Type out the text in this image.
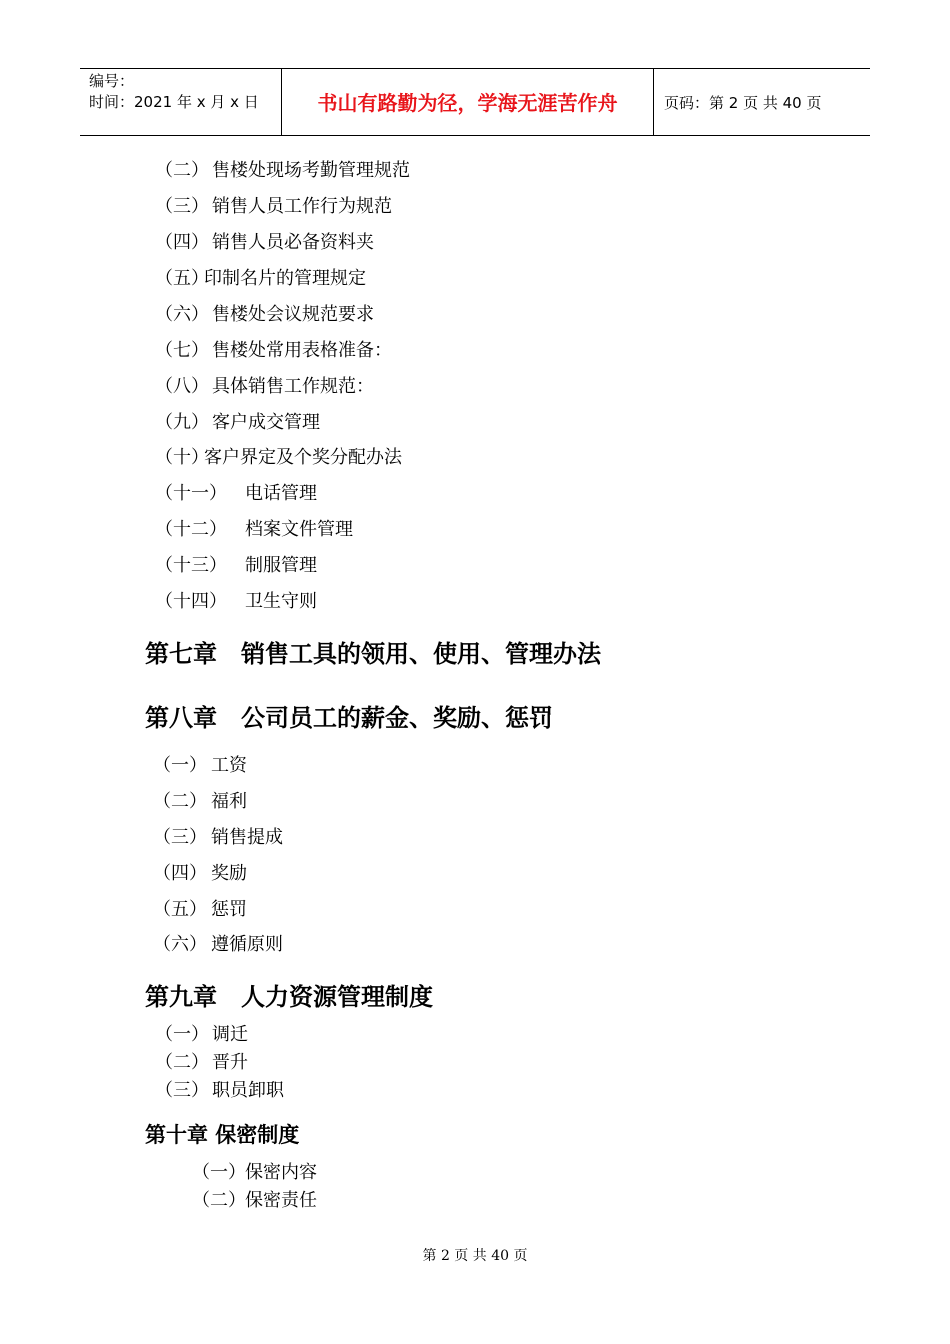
编号：
时间：2021 年 x 月 x 日	书山有路勤为径，学海无涯苦作舟	页码：第 2 页 共 40 页
（二） 售楼处现场考勤管理规范
（三） 销售人员工作行为规范
（四） 销售人员必备资料夹
（五）印制名片的管理规定
（六） 售楼处会议规范要求
（七） 售楼处常用表格准备：
（八） 具体销售工作规范：
（九） 客户成交管理
（十）客户界定及个奖分配办法
（十一） 电话管理
（十二） 档案文件管理
（十三） 制服管理
（十四） 卫生守则
第七章　销售工具的领用、使用、管理办法
第八章　公司员工的薪金、奖励、惩罚
（一） 工资
（二） 福利
（三） 销售提成
（四） 奖励
（五） 惩罚
（六） 遵循原则
第九章　人力资源管理制度
（一） 调迁
（二） 晋升
（三） 职员卸职
第十章 保密制度
（一）保密内容
（二）保密责任
第 2 页 共 40 页
